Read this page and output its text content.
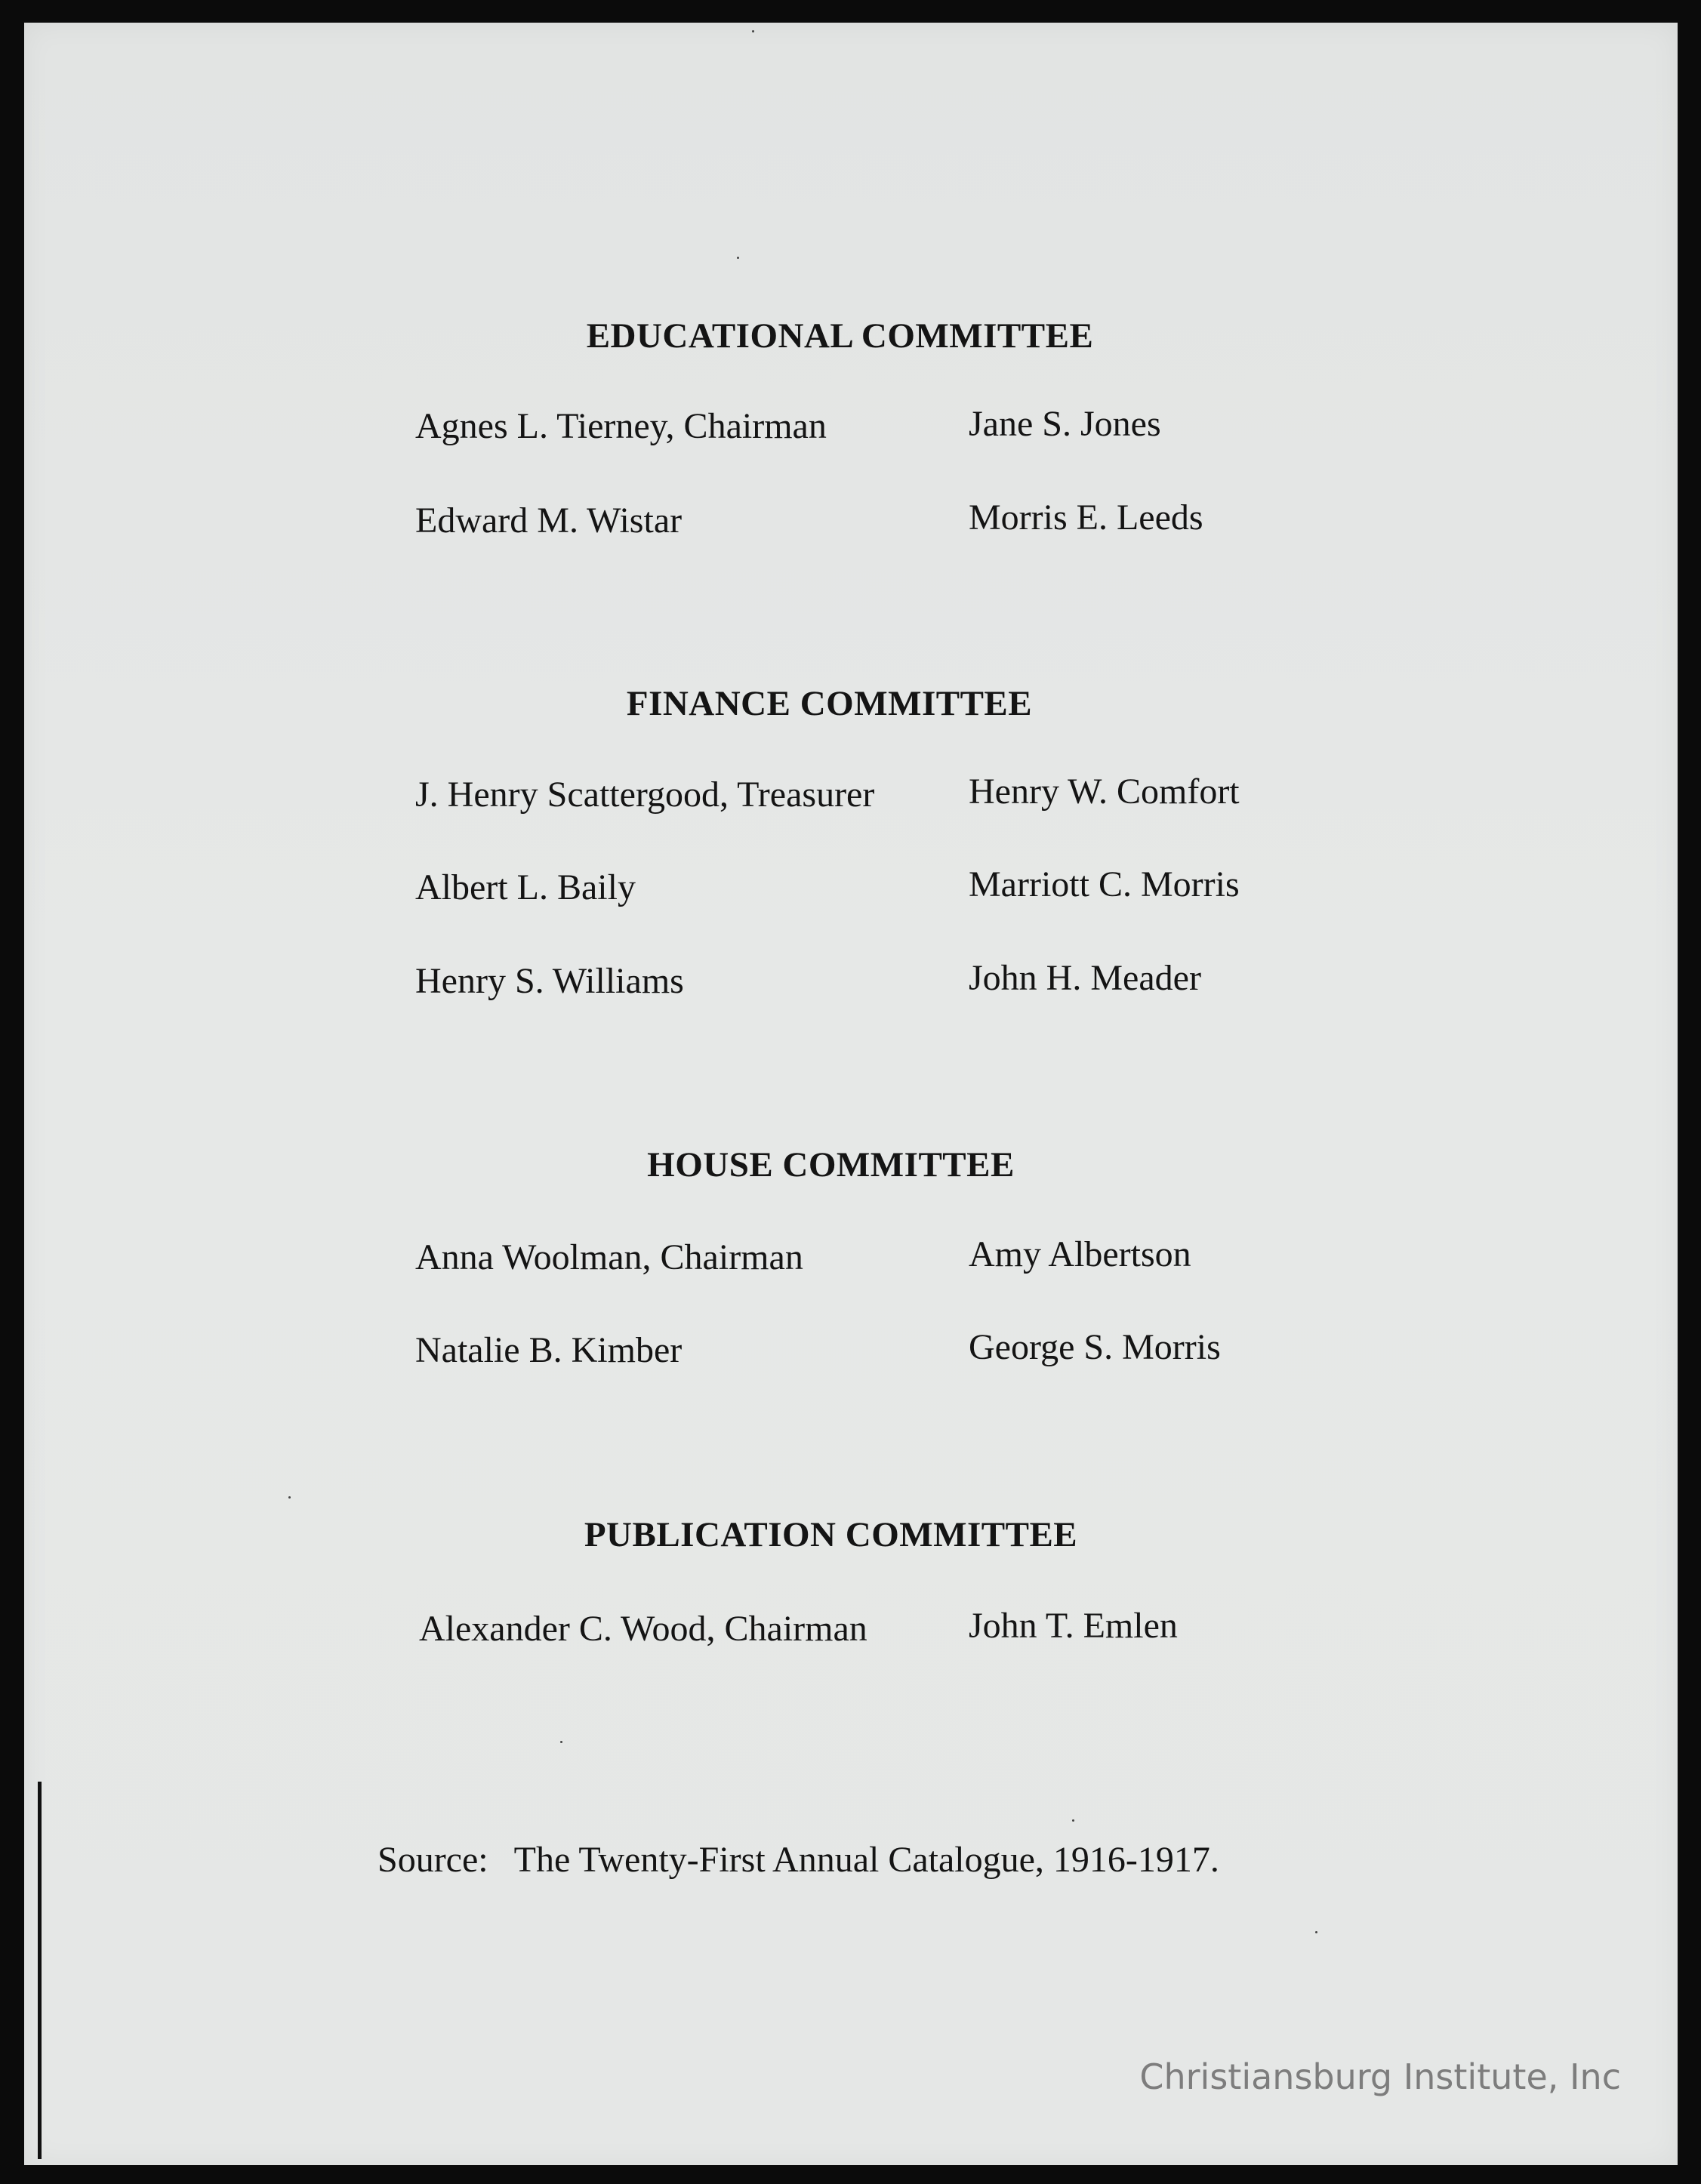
EDUCATIONAL COMMITTEE
Agnes L. Tierney, Chairman	Jane S. Jones
Edward M. Wistar	Morris E. Leeds
FINANCE COMMITTEE
J. Henry Scattergood, Treasurer	Henry W. Comfort
Albert L. Baily	Marriott C. Morris
Henry S. Williams	John H. Meader
HOUSE COMMITTEE
Anna Woolman, Chairman	Amy Albertson
Natalie B. Kimber	George S. Morris
PUBLICATION COMMITTEE
Alexander C. Wood, Chairman	John T. Emlen
Source: The Twenty-First Annual Catalogue, 1916-1917.
Christiansburg Institute, Inc
